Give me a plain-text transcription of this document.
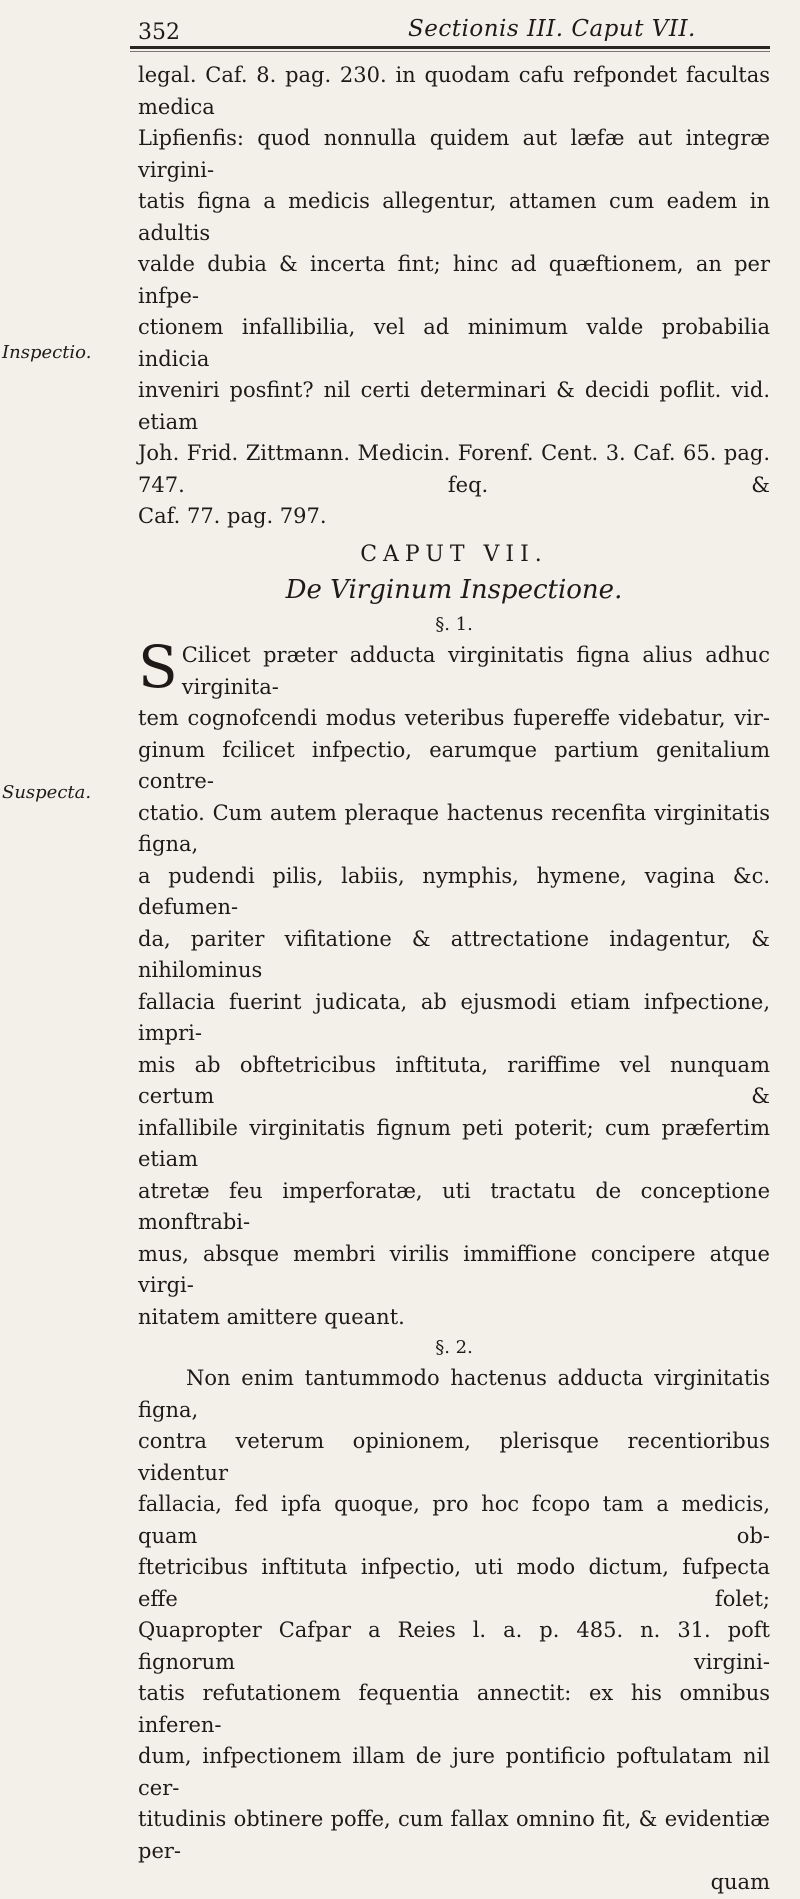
352	Sectionis III. Caput VII.
Inspectio.
Suspecta.

legal. Caf. 8. pag. 230. in quodam cafu refpondet facultas medica

Lipfienfis: quod nonnulla quidem aut læfæ aut integræ virgini-

tatis figna a medicis allegentur, attamen cum eadem in adultis

valde dubia & incerta fint; hinc ad quæftionem, an per infpe-

ctionem infallibilia, vel ad minimum valde probabilia indicia

inveniri posfint? nil certi determinari & decidi poflit. vid. etiam

Joh. Frid. Zittmann. Medicin. Forenf. Cent. 3. Caf. 65. pag. 747. feq. &

Caf. 77. pag. 797.

CAPUT VII.

De Virginum Inspectione.

§. 1.

S Cilicet præter adducta virginitatis figna alius adhuc virginita-

tem cognofcendi modus veteribus fupereffe videbatur, vir-

ginum fcilicet infpectio, earumque partium genitalium contre-

ctatio. Cum autem pleraque hactenus recenfita virginitatis figna,

a pudendi pilis, labiis, nymphis, hymene, vagina &c. defumen-

da, pariter vifitatione & attrectatione indagentur, & nihilominus

fallacia fuerint judicata, ab ejusmodi etiam infpectione, impri-

mis ab obftetricibus inftituta, rariffime vel nunquam certum &

infallibile virginitatis fignum peti poterit; cum præfertim etiam

atretæ feu imperforatæ, uti tractatu de conceptione monftrabi-

mus, absque membri virilis immiffione concipere atque virgi-

nitatem amittere queant.

§. 2.

Non enim tantummodo hactenus adducta virginitatis figna,

contra veterum opinionem, plerisque recentioribus videntur

fallacia, fed ipfa quoque, pro hoc fcopo tam a medicis, quam ob-

ftetricibus inftituta infpectio, uti modo dictum, fufpecta effe folet;

Quapropter Cafpar a Reies l. a. p. 485. n. 31. poft fignorum virgini-

tatis refutationem fequentia annectit: ex his omnibus inferen-

dum, infpectionem illam de jure pontificio poftulatam nil cer-

titudinis obtinere poffe, cum fallax omnino fit, & evidentiæ per-

quam
